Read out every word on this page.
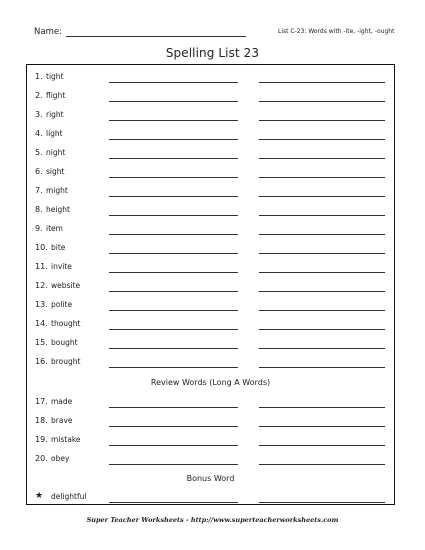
Name:	List C-23: Words with -ite, -ight, -ought
Spelling List 23
1. tight
2. flight
3. right
4. light
5. night
6. sight
7. might
8. height
9. item
10. bite
11. invite
12. website
13. polite
14. thought
15. bought
16. brought
Review Words (Long A Words)
17. made
18. brave
19. mistake
20. obey
Bonus Word
★ delightful
Super Teacher Worksheets - http://www.superteacherworksheets.com
